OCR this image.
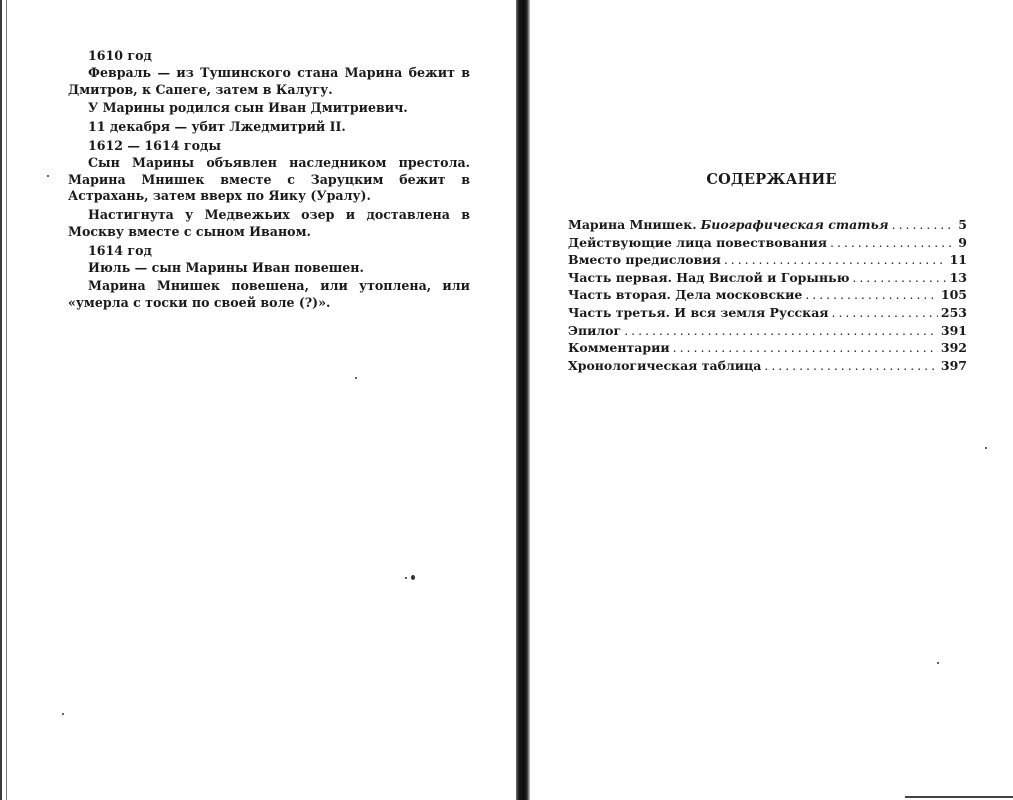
1610 год
Февраль — из Тушинского стана Марина бежит в Дмитров, к Сапеге, затем в Калугу.
У Марины родился сын Иван Дмитриевич.
11 декабря — убит Лжедмитрий II.
1612 — 1614 годы
Сын Марины объявлен наследником престола. Марина Мнишек вместе с Заруцким бежит в Астрахань, затем вверх по Яику (Уралу).
Настигнута у Медвежьих озер и доставлена в Москву вместе с сыном Иваном.
1614 год
Июль — сын Марины Иван повешен.
Марина Мнишек повешена, или утоплена, или «умерла с тоски по своей воле (?)».
СОДЕРЖАНИЕ
Марина Мнишек. Биографическая статья . . .	5
Действующие лица повествования . . .	9
Вместо предисловия . . .	11
Часть первая. Над Вислой и Горынью . . .	13
Часть вторая. Дела московские . . .	105
Часть третья. И вся земля Русская . . .	253
Эпилог . . .	391
Комментарии . . .	392
Хронологическая таблица . . .	397
